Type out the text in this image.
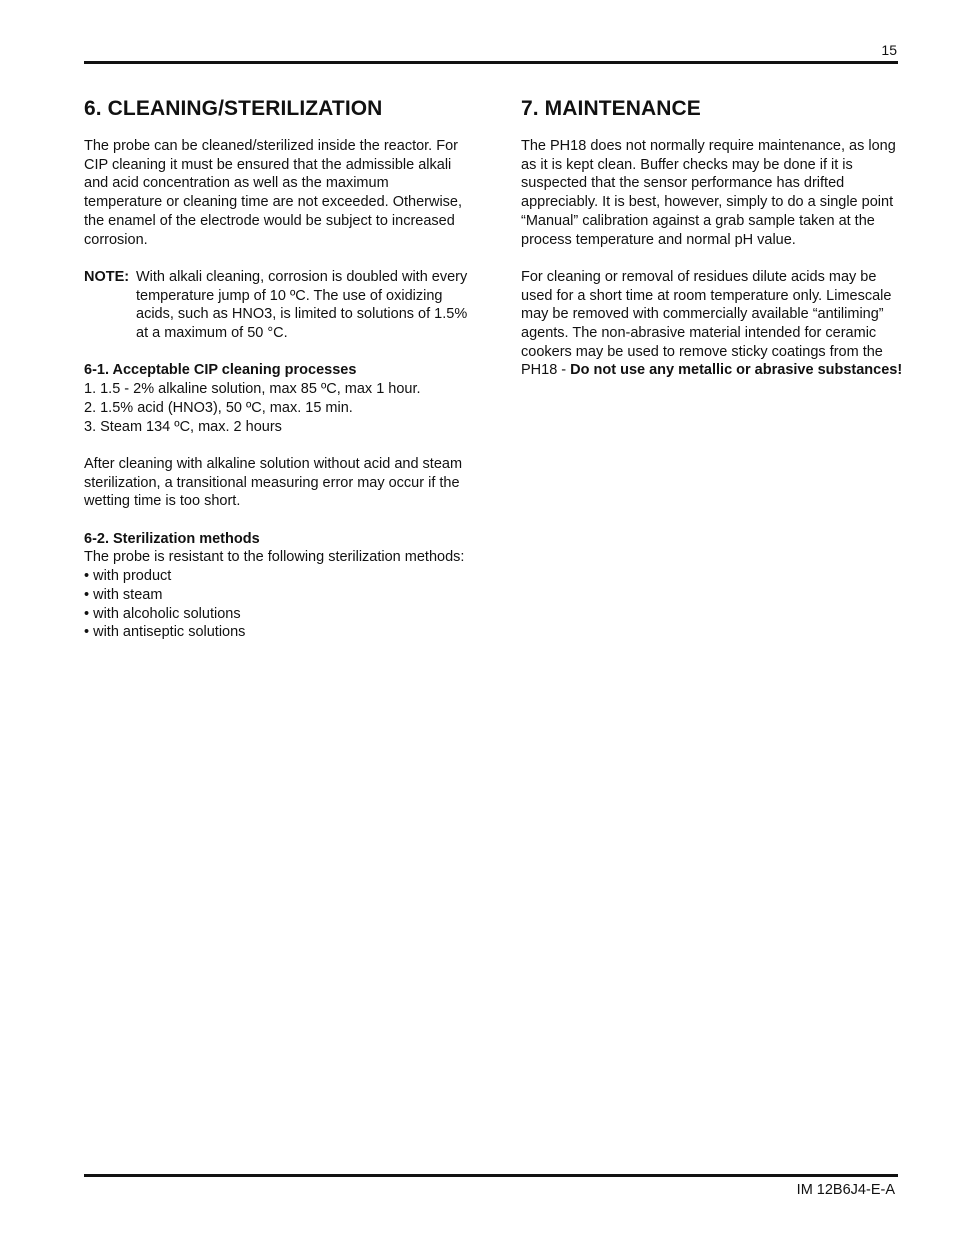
15
6. CLEANING/STERILIZATION

The probe can be cleaned/sterilized inside the reactor. For CIP cleaning it must be ensured that the admissible alkali and acid concentration as well as the maximum temperature or cleaning time are not exceeded. Otherwise, the enamel of the electrode would be subject to increased corrosion.

NOTE: With alkali cleaning, corrosion is doubled with every temperature jump of 10 ºC. The use of oxidizing acids, such as HNO3, is limited to solutions of 1.5% at a maximum of 50 °C.

6-1. Acceptable CIP cleaning processes

1. 1.5 - 2% alkaline solution, max 85 ºC, max 1 hour.

2. 1.5% acid (HNO3), 50 ºC, max. 15 min.

3. Steam 134 ºC, max. 2 hours

After cleaning with alkaline solution without acid and steam sterilization, a transitional measuring error may occur if the wetting time is too short.

6-2. Sterilization methods

The probe is resistant to the following sterilization methods:

• with product

• with steam

• with alcoholic solutions

• with antiseptic solutions

7. MAINTENANCE

The PH18 does not normally require maintenance, as long as it is kept clean. Buffer checks may be done if it is suspected that the sensor performance has drifted appreciably. It is best, however, simply to do a single point “Manual” calibration against a grab sample taken at the process temperature and normal pH value.

For cleaning or removal of residues dilute acids may be used for a short time at room temperature only. Limescale may be removed with commercially available “antiliming” agents. The non-abrasive material intended for ceramic cookers may be used to remove sticky coatings from the PH18 - Do not use any metallic or abrasive substances!

IM 12B6J4-E-A
